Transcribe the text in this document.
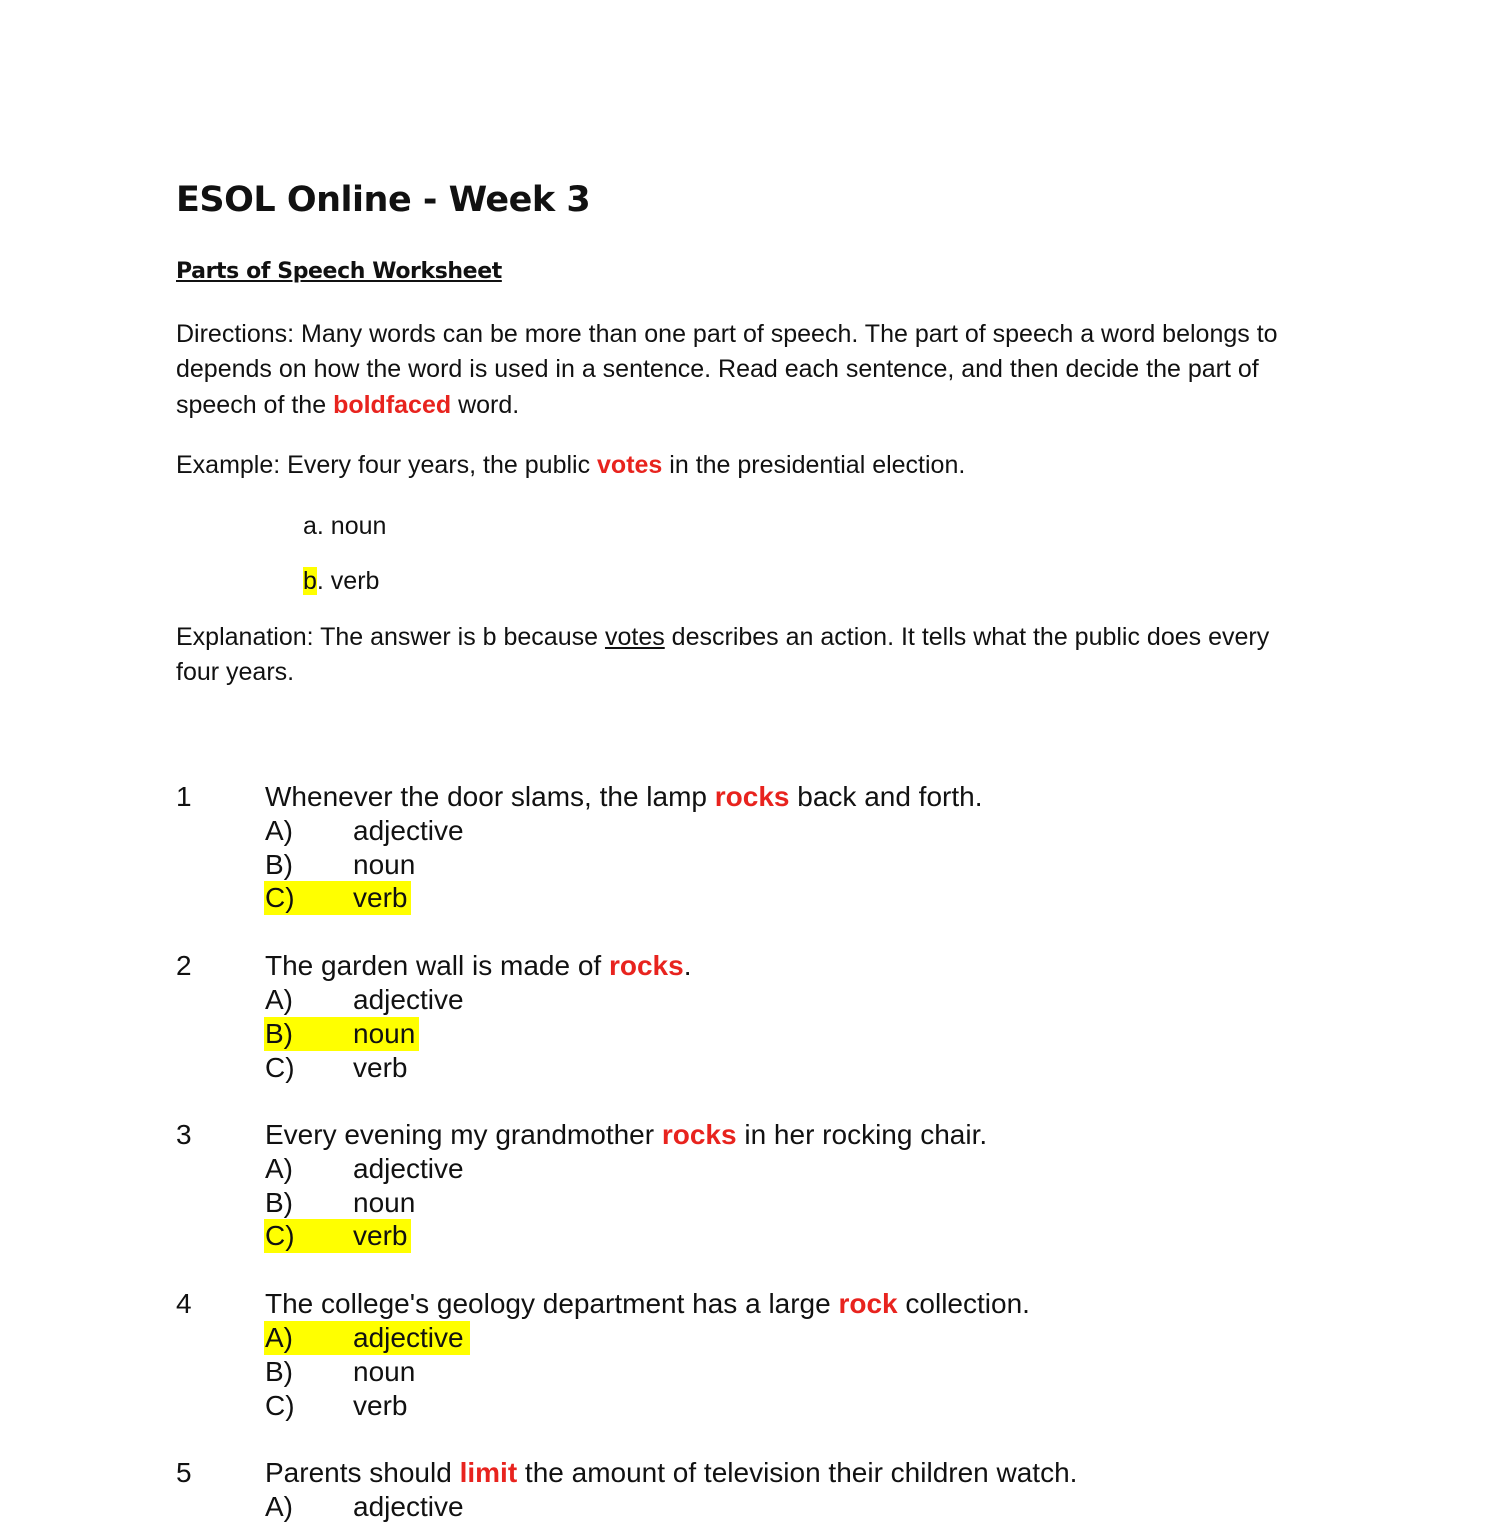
ESOL Online - Week 3
Parts of Speech Worksheet
Directions: Many words can be more than one part of speech. The part of speech a word belongs to
depends on how the word is used in a sentence. Read each sentence, and then decide the part of
speech of the boldfaced word.
Example: Every four years, the public votes in the presidential election.
a. noun
b. verb
Explanation: The answer is b because votes describes an action. It tells what the public does every
four years.
1	Whenever the door slams, the lamp rocks back and forth.
A) adjective
B) noun
C) verb
2	The garden wall is made of rocks.
A) adjective
B) noun
C) verb
3	Every evening my grandmother rocks in her rocking chair.
A) adjective
B) noun
C) verb
4	The college's geology department has a large rock collection.
A) adjective
B) noun
C) verb
5	Parents should limit the amount of television their children watch.
A) adjective
